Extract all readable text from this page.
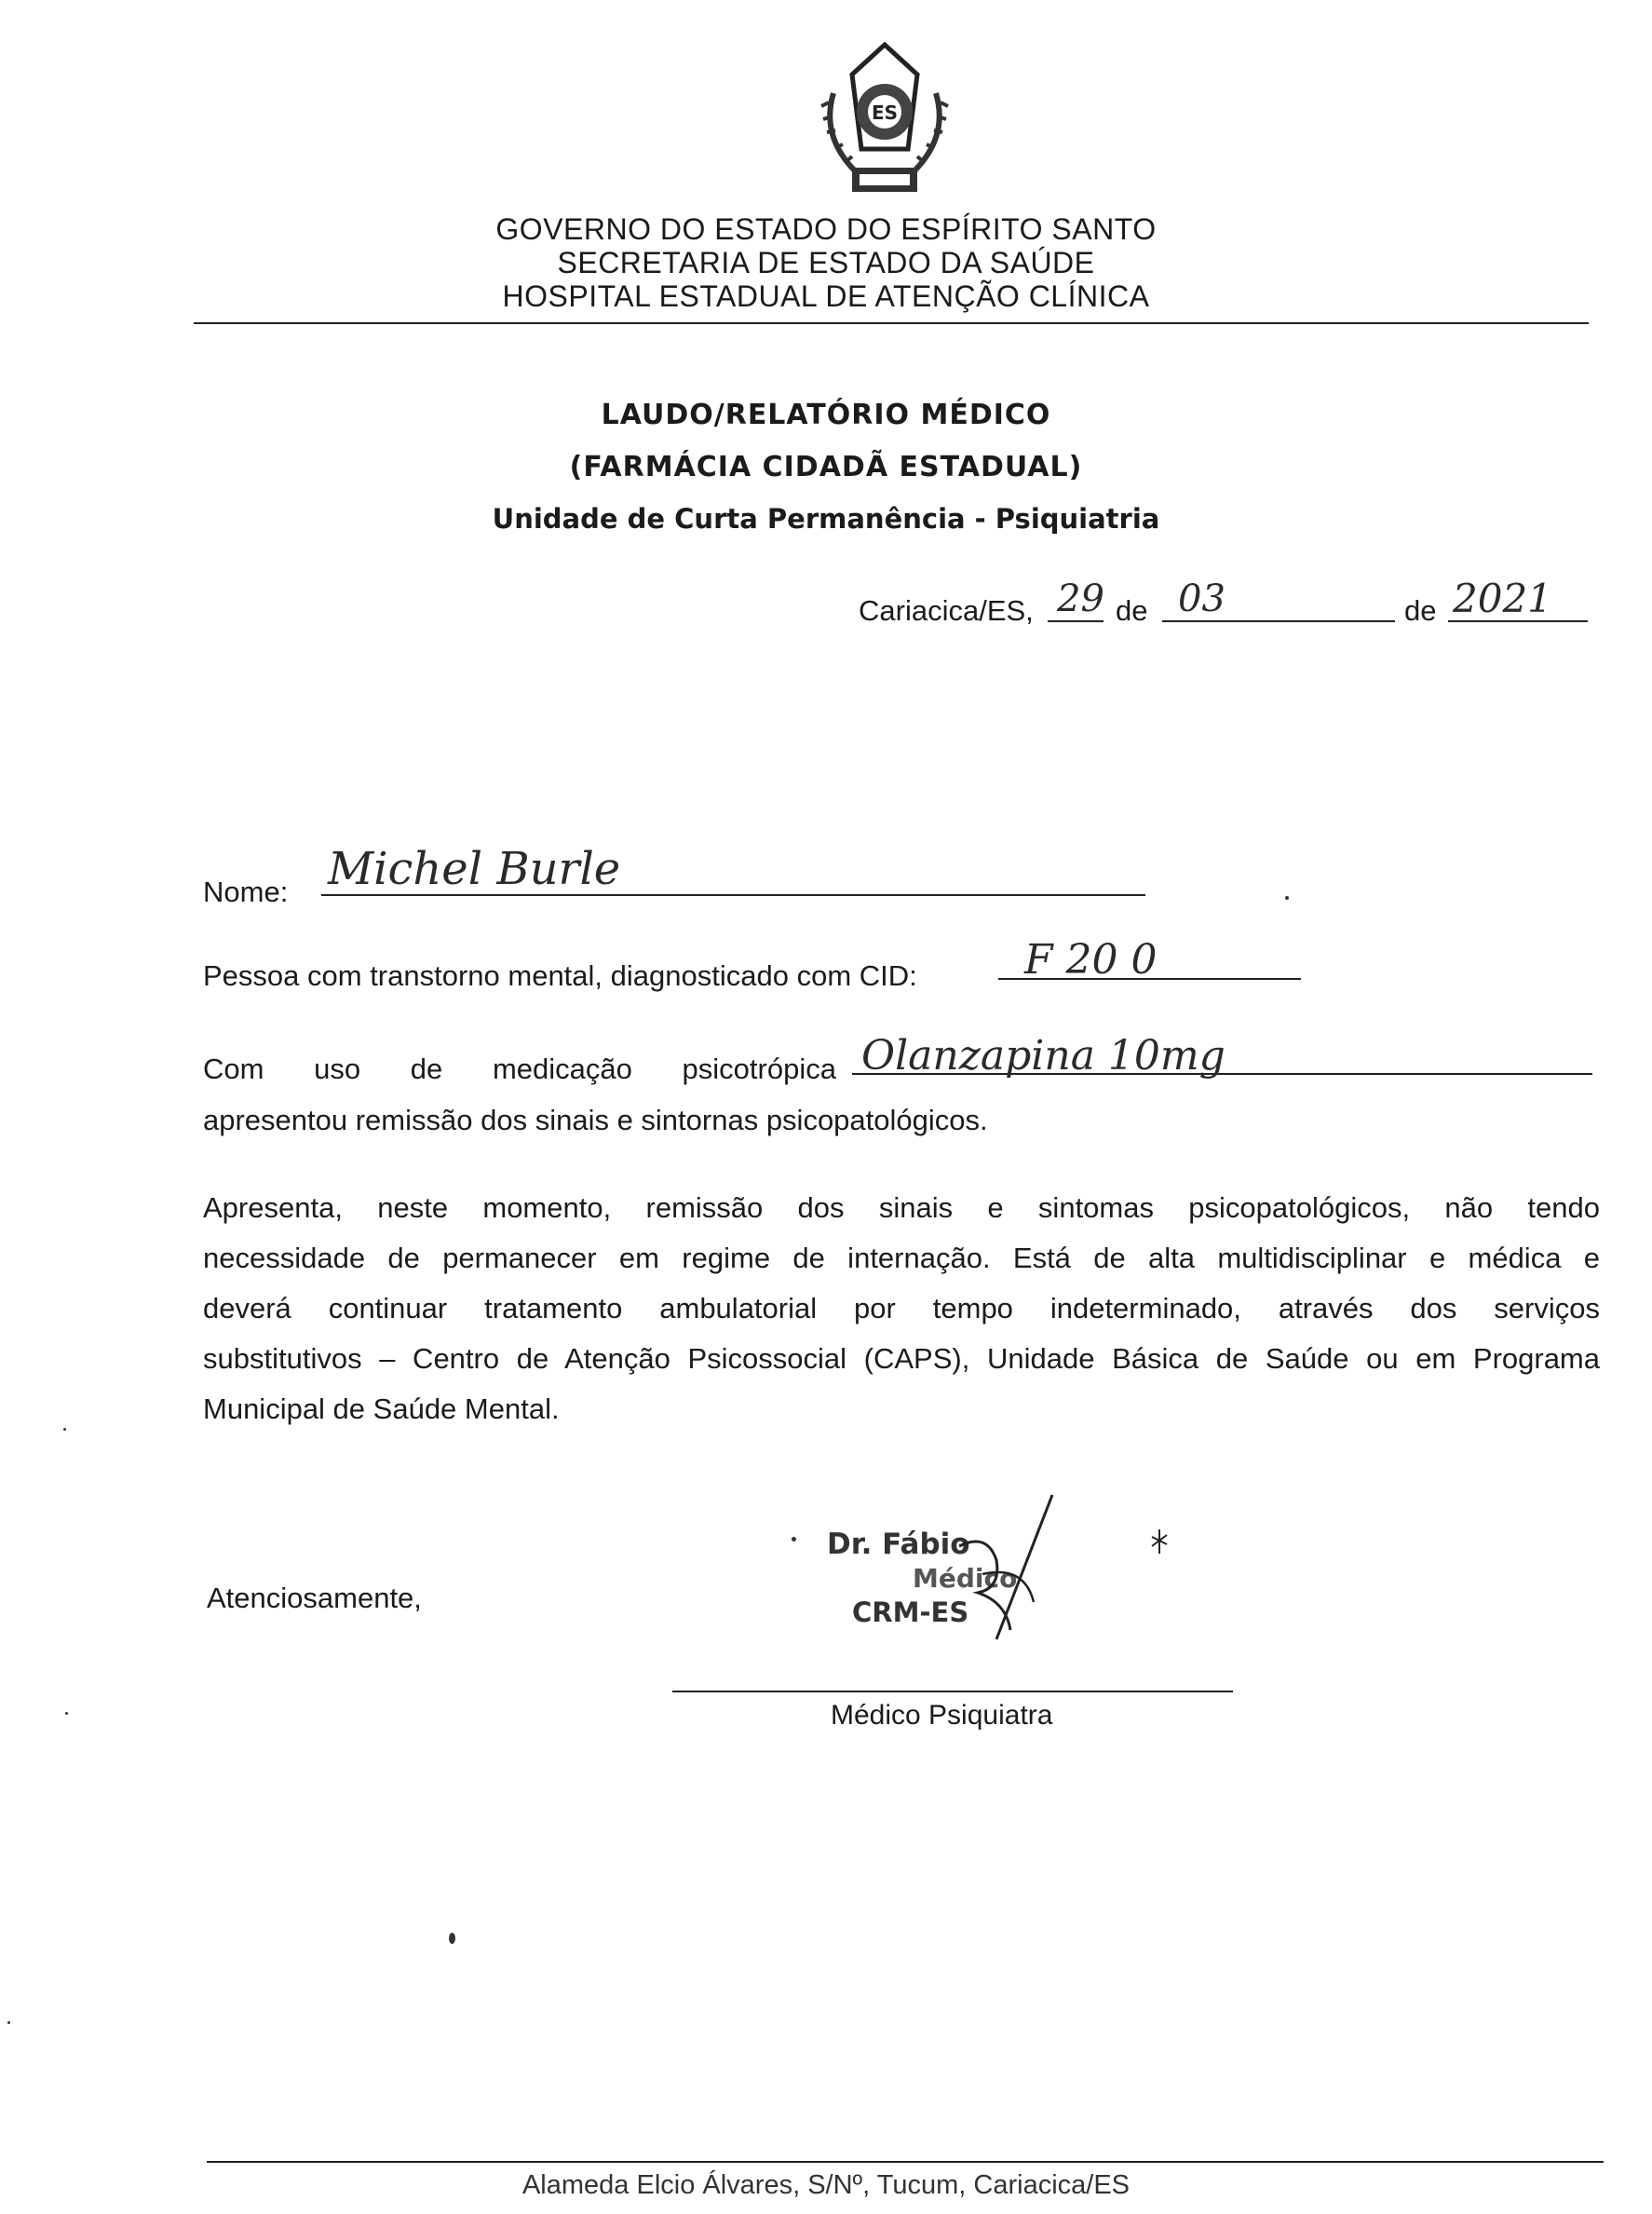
ES
GOVERNO DO ESTADO DO ESPÍRITO SANTO
SECRETARIA DE ESTADO DA SAÚDE
HOSPITAL ESTADUAL DE ATENÇÃO CLÍNICA
LAUDO/RELATÓRIO MÉDICO
(FARMÁCIA CIDADÃ ESTADUAL)
Unidade de Curta Permanência - Psiquiatria
Cariacica/ES, 29 de 03	de 2021
Nome: Michel Burle
Pessoa com transtorno mental, diagnosticado com CID:	F 20 0
Com uso de medicação psicotrópica Olanzapina 10mg
apresentou remissão dos sinais e sintornas psicopatológicos.
Apresenta, neste momento, remissão dos sinais e sintomas psicopatológicos, não tendo
necessidade de permanecer em regime de internação. Está de alta multidisciplinar e médica e
deverá continuar tratamento ambulatorial por tempo indeterminado, através dos serviços
substitutivos – Centro de Atenção Psicossocial (CAPS), Unidade Básica de Saúde ou em Programa
Municipal de Saúde Mental.
Atenciosamente,
Dr. Fábio
Médico
CRM-ES
Médico Psiquiatra
Alameda Elcio Álvares, S/Nº, Tucum, Cariacica/ES
